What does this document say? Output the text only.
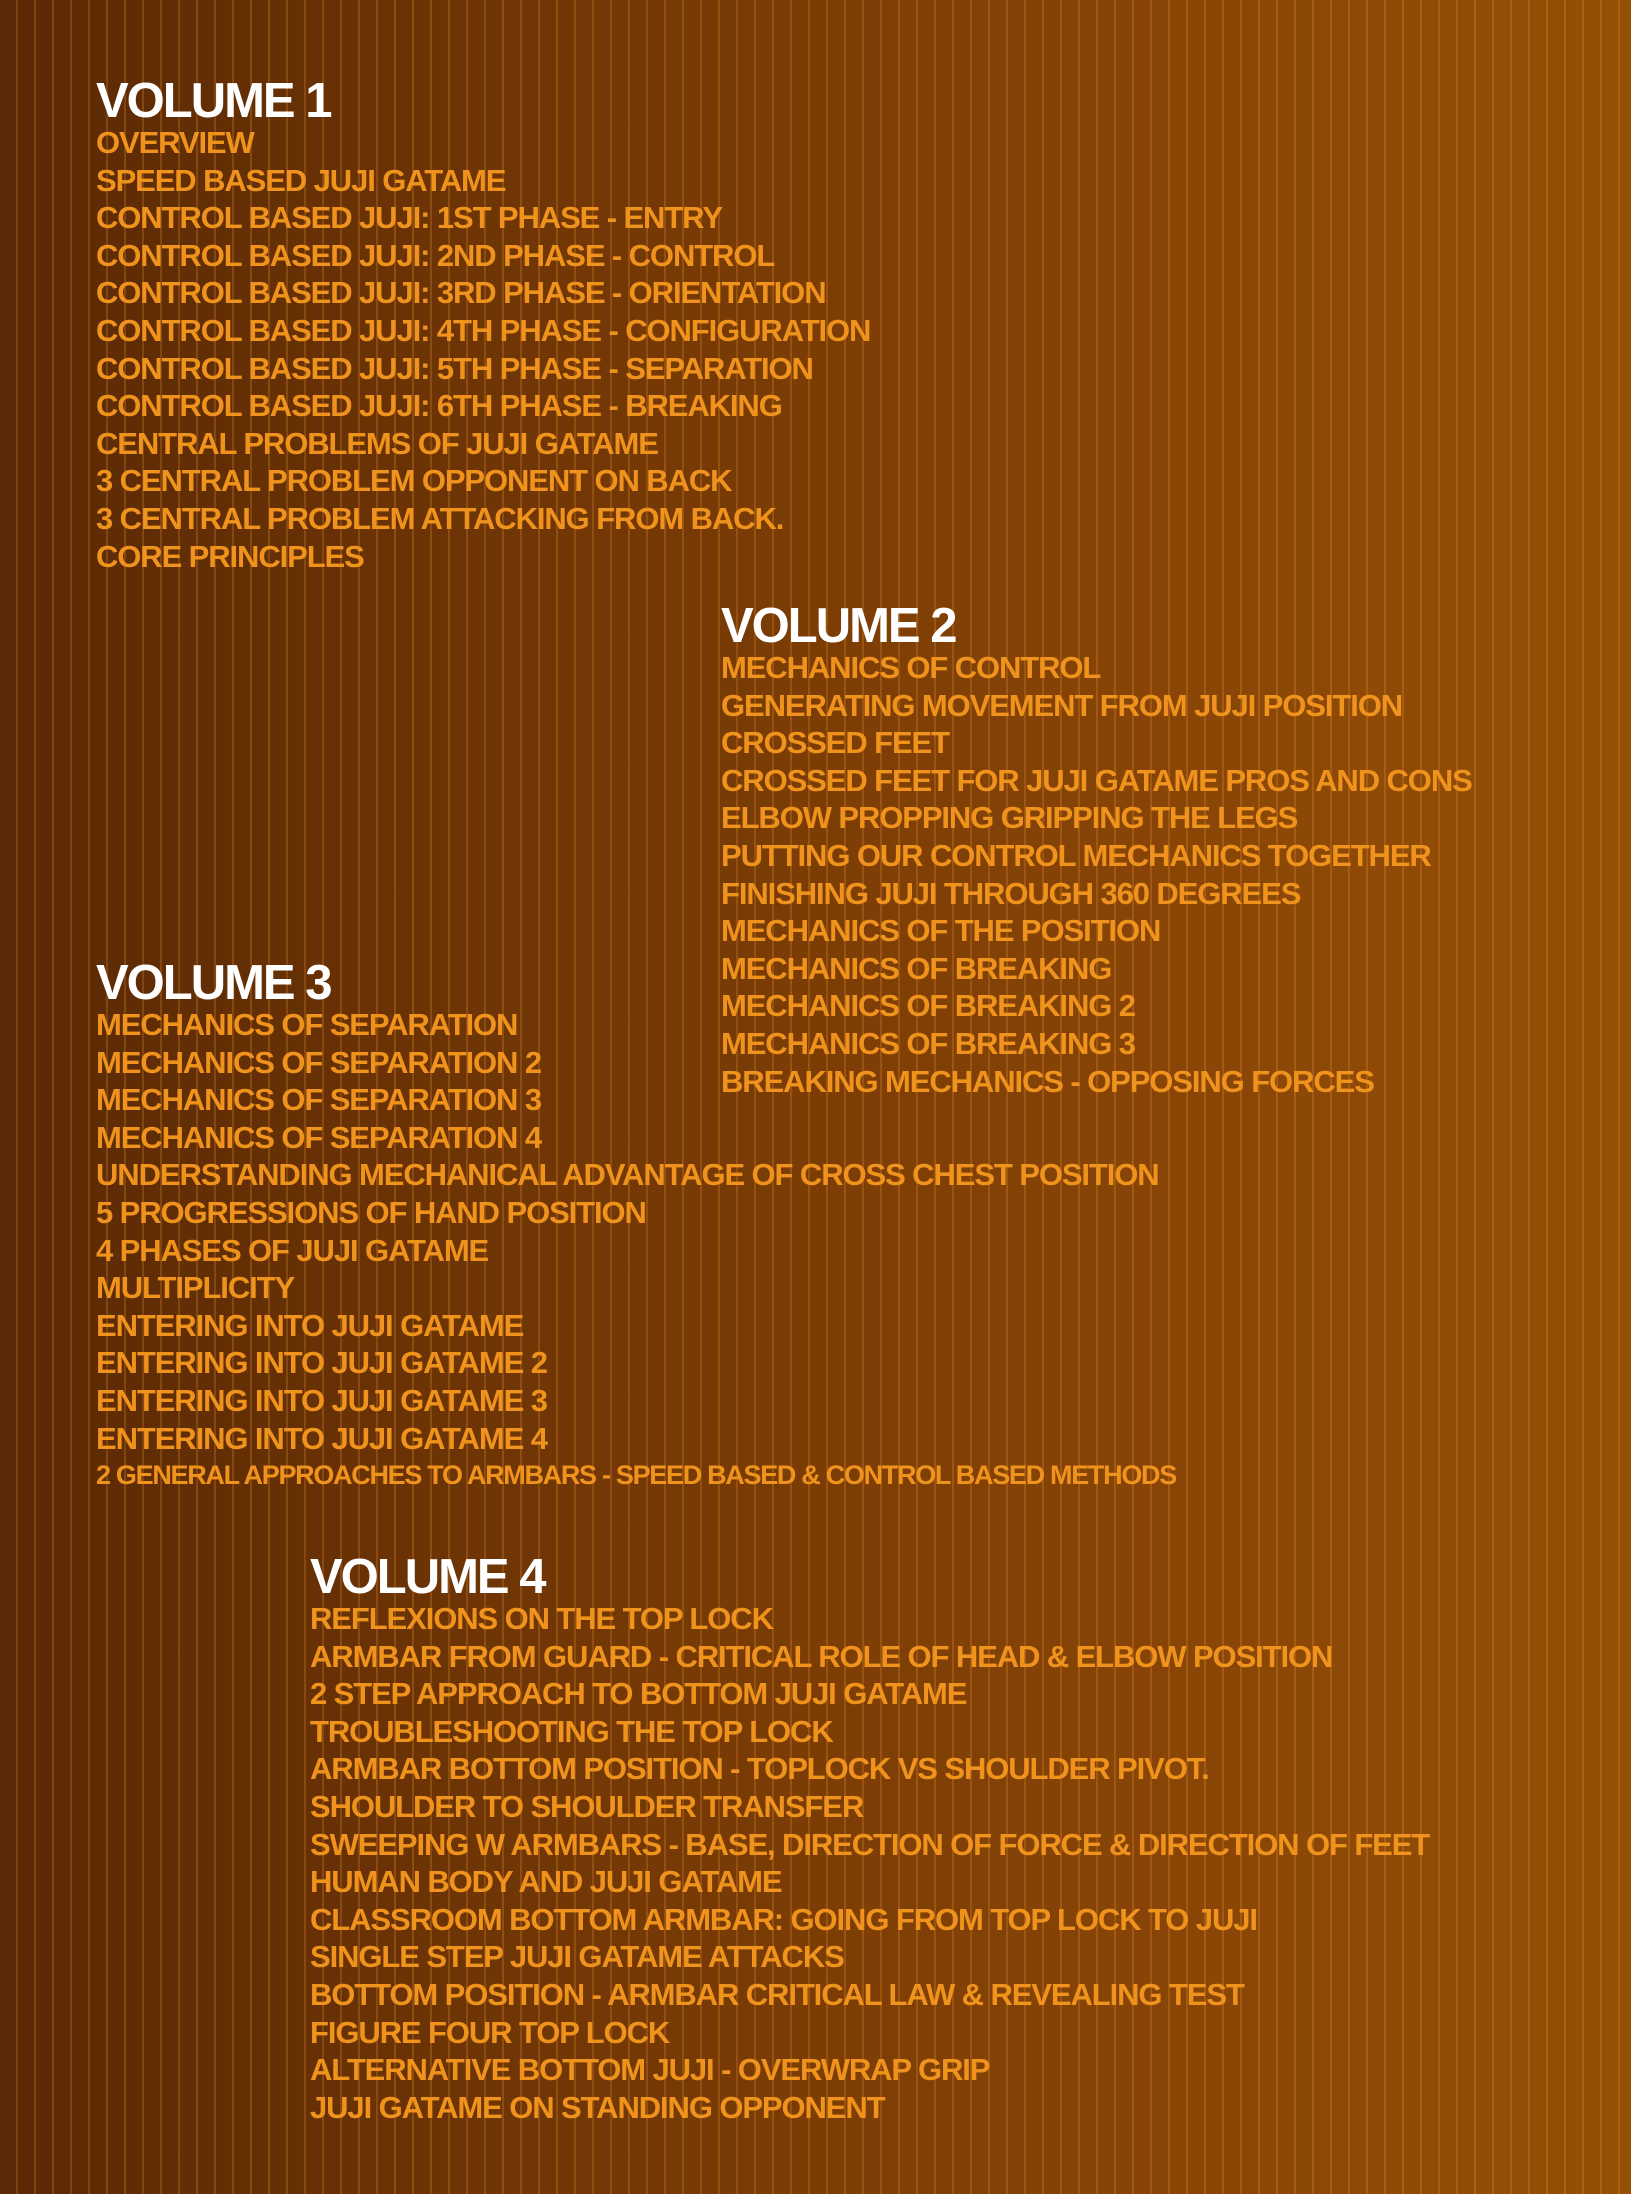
VOLUME 1
OVERVIEW
SPEED BASED JUJI GATAME
CONTROL BASED JUJI: 1ST PHASE - ENTRY
CONTROL BASED JUJI: 2ND PHASE - CONTROL
CONTROL BASED JUJI: 3RD PHASE - ORIENTATION
CONTROL BASED JUJI: 4TH PHASE - CONFIGURATION
CONTROL BASED JUJI: 5TH PHASE - SEPARATION
CONTROL BASED JUJI: 6TH PHASE - BREAKING
CENTRAL PROBLEMS OF JUJI GATAME
3 CENTRAL PROBLEM OPPONENT ON BACK
3 CENTRAL PROBLEM ATTACKING FROM BACK.
CORE PRINCIPLES
VOLUME 2
MECHANICS OF CONTROL
GENERATING MOVEMENT FROM JUJI POSITION
CROSSED FEET
CROSSED FEET FOR JUJI GATAME PROS AND CONS
ELBOW PROPPING GRIPPING THE LEGS
PUTTING OUR CONTROL MECHANICS TOGETHER
FINISHING JUJI THROUGH 360 DEGREES
MECHANICS OF THE POSITION
MECHANICS OF BREAKING
MECHANICS OF BREAKING 2
MECHANICS OF BREAKING 3
BREAKING MECHANICS - OPPOSING FORCES
VOLUME 3
MECHANICS OF SEPARATION
MECHANICS OF SEPARATION 2
MECHANICS OF SEPARATION 3
MECHANICS OF SEPARATION 4
UNDERSTANDING MECHANICAL ADVANTAGE OF CROSS CHEST POSITION
5 PROGRESSIONS OF HAND POSITION
4 PHASES OF JUJI GATAME
MULTIPLICITY
ENTERING INTO JUJI GATAME
ENTERING INTO JUJI GATAME 2
ENTERING INTO JUJI GATAME 3
ENTERING INTO JUJI GATAME 4
2 GENERAL APPROACHES TO ARMBARS - SPEED BASED & CONTROL BASED METHODS
VOLUME 4
REFLEXIONS ON THE TOP LOCK
ARMBAR FROM GUARD - CRITICAL ROLE OF HEAD & ELBOW POSITION
2 STEP APPROACH TO BOTTOM JUJI GATAME
TROUBLESHOOTING THE TOP LOCK
ARMBAR BOTTOM POSITION - TOPLOCK VS SHOULDER PIVOT.
SHOULDER TO SHOULDER TRANSFER
SWEEPING W ARMBARS - BASE, DIRECTION OF FORCE & DIRECTION OF FEET
HUMAN BODY AND JUJI GATAME
CLASSROOM BOTTOM ARMBAR: GOING FROM TOP LOCK TO JUJI
SINGLE STEP JUJI GATAME ATTACKS
BOTTOM POSITION - ARMBAR CRITICAL LAW & REVEALING TEST
FIGURE FOUR TOP LOCK
ALTERNATIVE BOTTOM JUJI - OVERWRAP GRIP
JUJI GATAME ON STANDING OPPONENT
